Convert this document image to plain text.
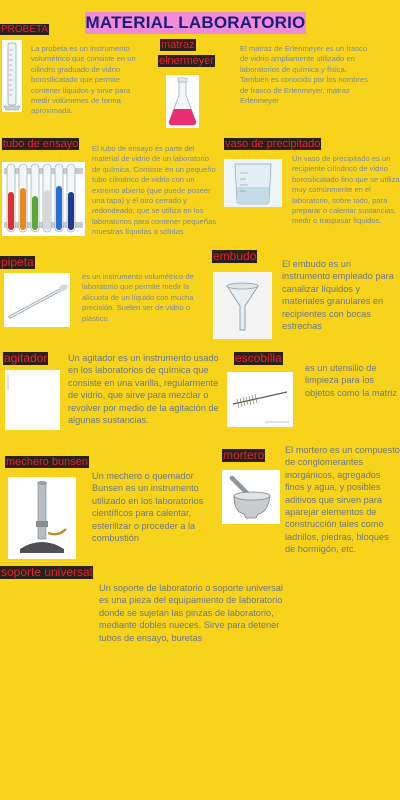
MATERIAL LABORATORIO
PROBETA
La probeta es un instrumento volumétrico que consiste en un cilindro graduado de vidrio borosilicatado que permite contener líquidos y sirve para medir volúmenes de forma aproximada.
matraz
elnermeyer
El matraz de Erlenmeyer es un frasco de vidrio ampliamente utilizado en laboratorios de química y física. También es conocido por los nombres de frasco de Erlenmeyer, matraz Erlenmeyer
tubo de ensayo El tubo de ensayo es parte del material de vidrio de un laboratorio de química. Consiste en un pequeño tubo cilíndrico de vidrio con un extremo abierto (que puede poseer una tapa) y el otro cerrado y redondeado, que se utiliza en los laboratorios para contener pequeñas muestras líquidas o sólidas
vaso de precipitado
Un vaso de precipitado es un recipiente cilíndrico de vidrio borosilicatado fino que se utiliza muy comúnmente en el laboratorio, sobre todo, para preparar o calentar sustancias, medir o traspasar líquidos.
pipeta
es un instrumento volumétrico de laboratorio que permite medir la alícuota de un líquido con mucha precisión. Suelen ser de vidrio o plástico.
embudo
El embudo es un instrumento empleado para canalizar líquidos y materiales granulares en recipientes con bocas estrechas
agitador Un agitador es un instrumento usado en los laboratorios de química que consiste en una varilla, regularmente de vidrio, que sirve para mezclar o revolver por medio de la agitación de algunas sustancias.
escobilla
es un utensilio de limpieza para los objetos como la matriz
mechero bunsen
Un mechero o quemador Bunsen es un instrumento utilizado en los laboratorios científicos para calentar, esterilizar o proceder a la combustión
mortero El mortero es un compuesto de conglomerantes inorgánicos, agregados finos y agua, y posibles aditivos que sirven para aparejar elementos de construcción tales como ladrillos, piedras, bloques de hormigón, etc.
soporte universal
Un soporte de laboratorio o soporte universal es una pieza del equipamiento de laboratorio donde se sujetan las pinzas de laboratorio, mediante dobles nueces. Sirve para detener tubos de ensayo, buretas
